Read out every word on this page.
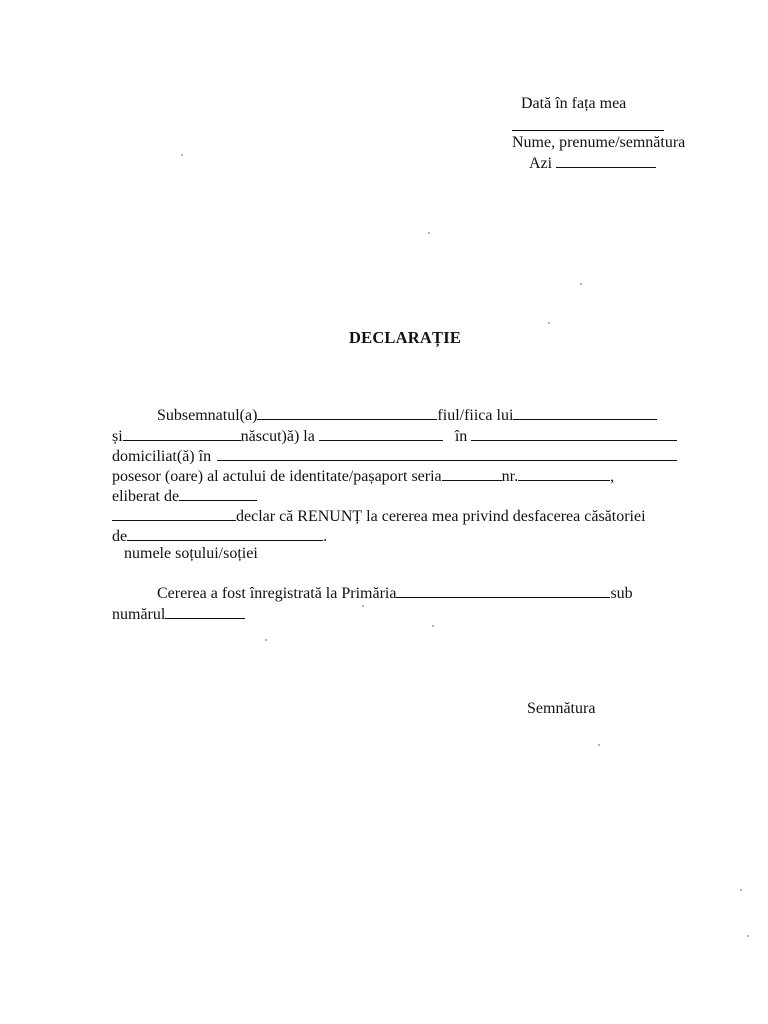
Dată în fața mea
Nume, prenume/semnătura
Azi
DECLARAȚIE
Subsemnatul(a)	fiul/fiica lui
și	născut)ă) la	în
domiciliat(ă) în
posesor (oare) al actului de identitate/pașaport seria	nr.	,
eliberat de
declar că RENUNȚ la cererea mea privind desfacerea căsătoriei
de	.
numele soțului/soției
Cererea a fost înregistrată la Primăria	sub
numărul
Semnătura
